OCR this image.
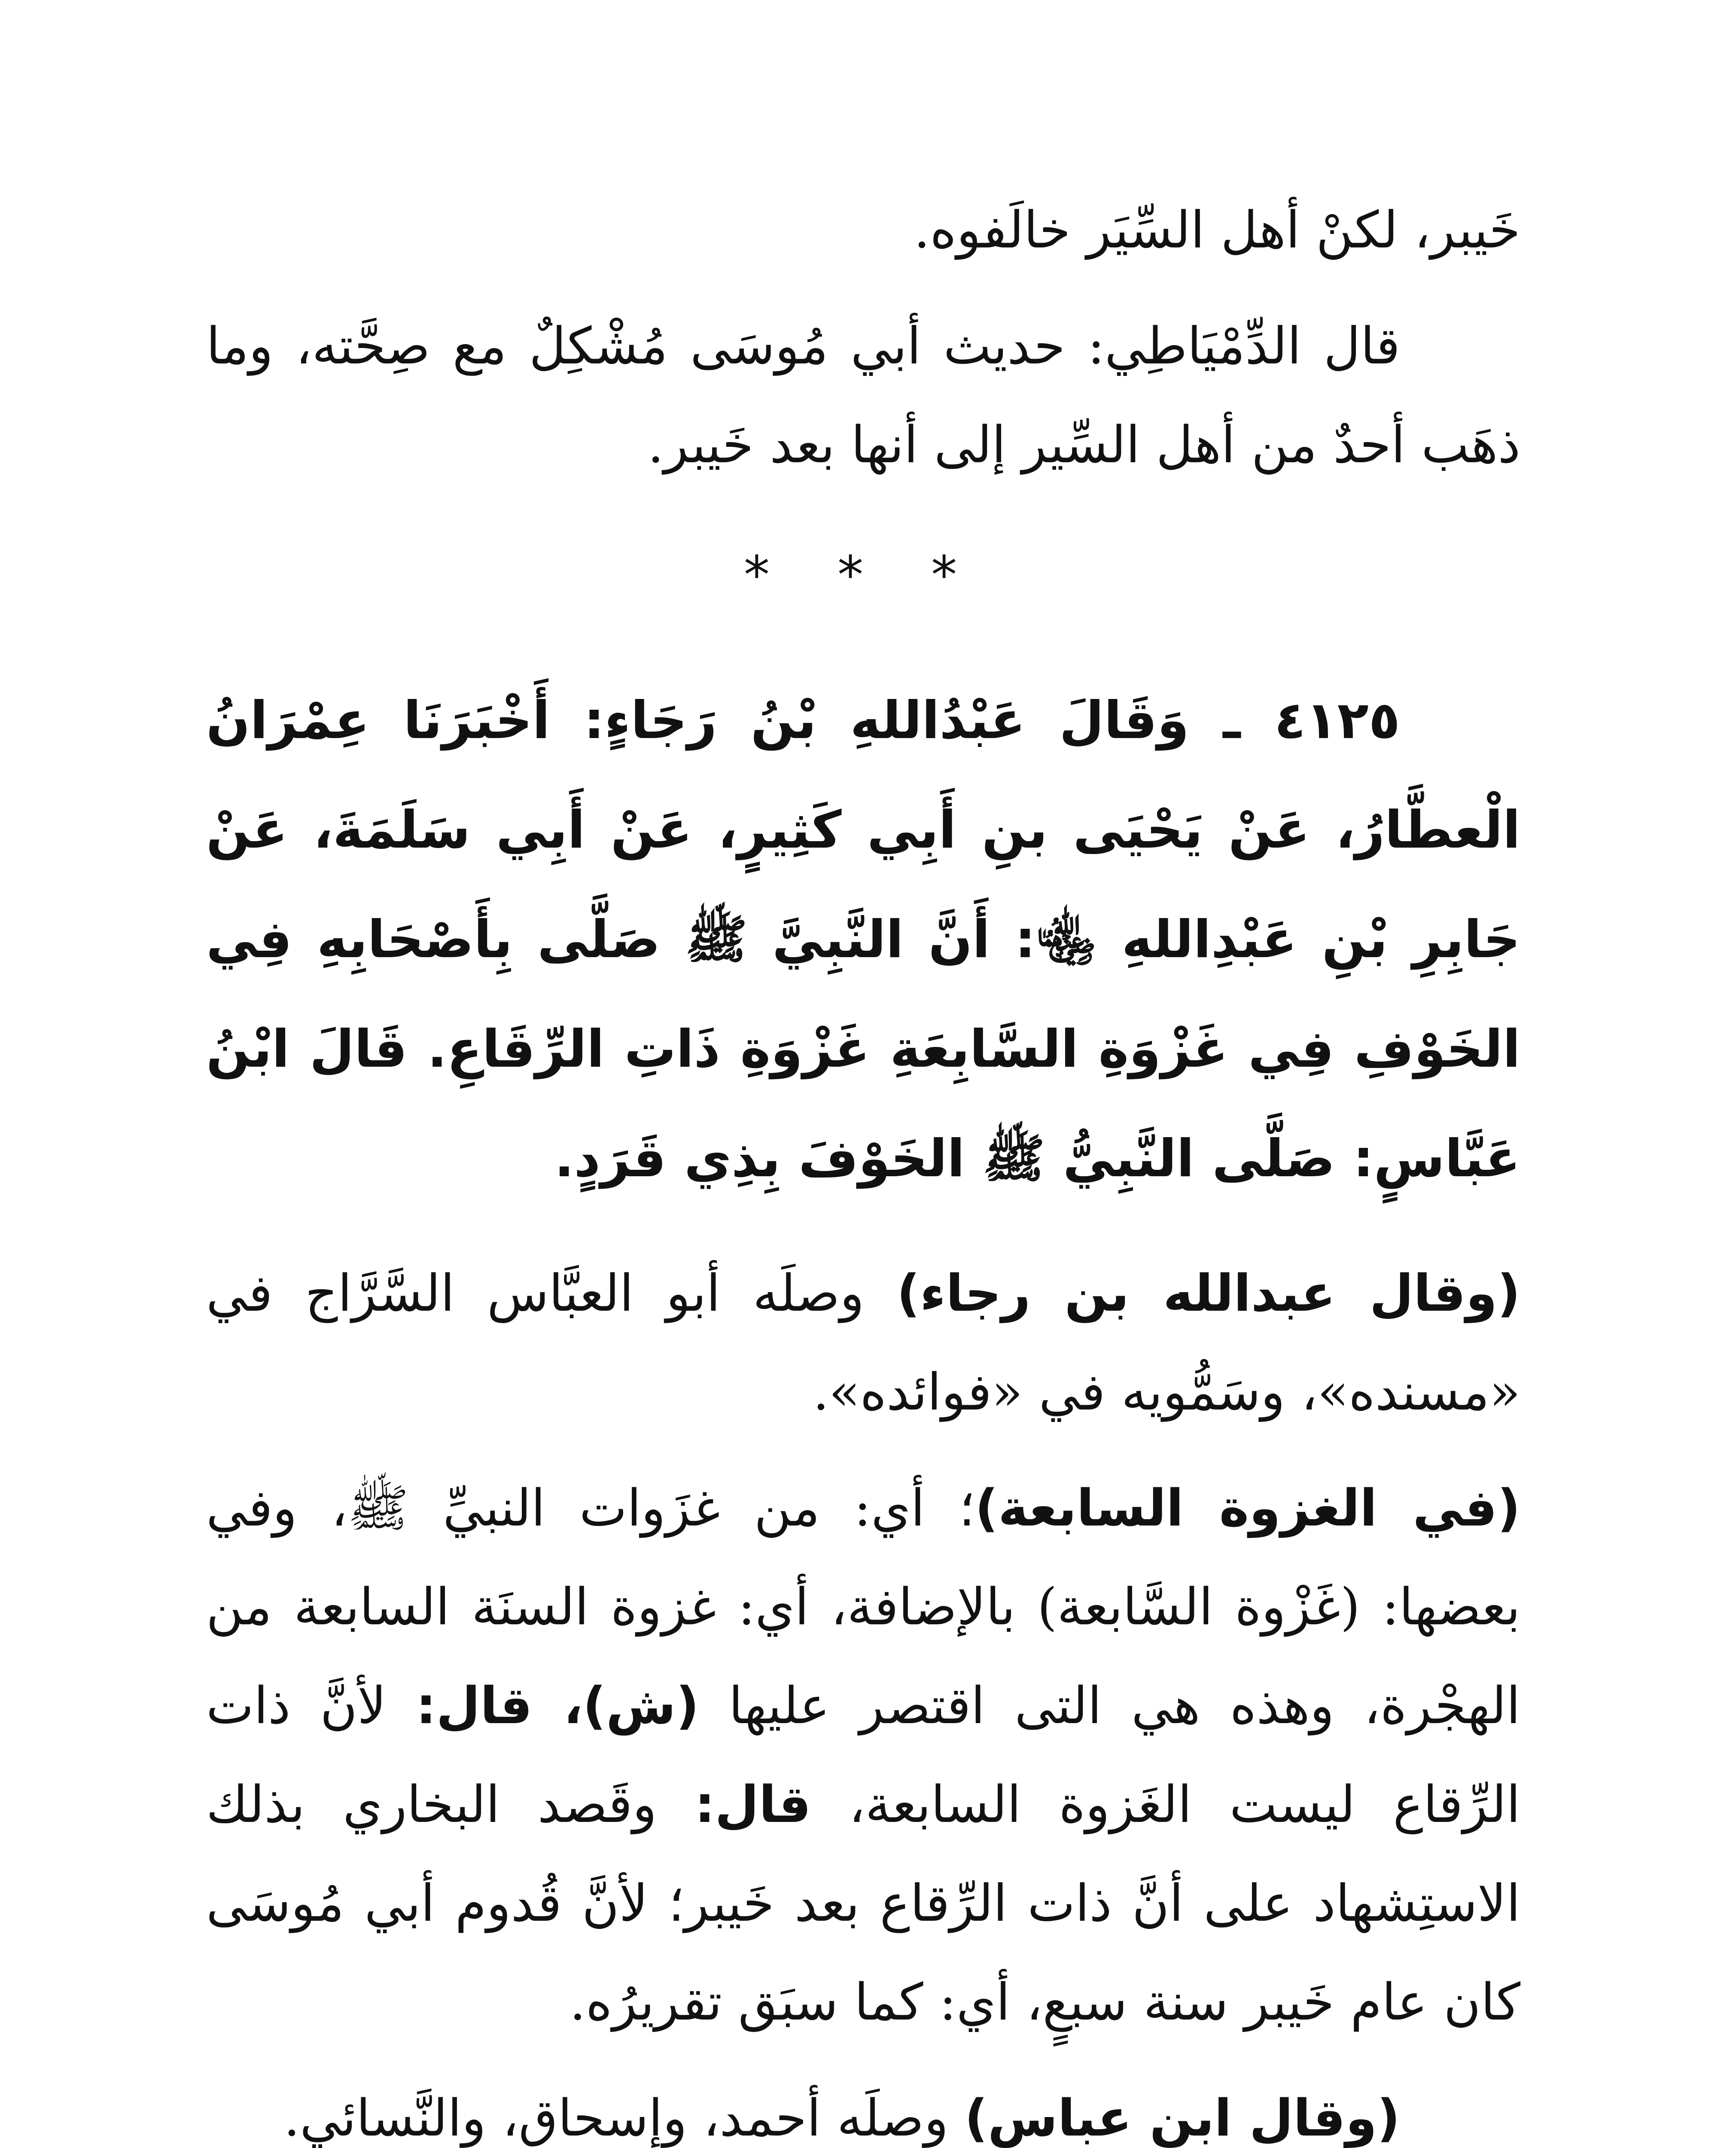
خَيبر، لكنْ أهل السِّيَر خالَفوه.

قال الدِّمْيَاطِي: حديث أبي مُوسَى مُشْكِلٌ مع صِحَّته، وما ذهَب أحدٌ من أهل السِّير إلى أنها بعد خَيبر.

* * *

٤١٢٥ ـ وَقَالَ عَبْدُاللهِ بْنُ رَجَاءٍ: أَخْبَرَنَا عِمْرَانُ الْعطَّارُ، عَنْ يَحْيَى بنِ أَبِي كَثِيرٍ، عَنْ أَبِي سَلَمَةَ، عَنْ جَابِرِ بْنِ عَبْدِاللهِ ﵄: أَنَّ النَّبِيَّ ﷺ صَلَّى بِأَصْحَابِهِ فِي الخَوْفِ فِي غَزْوَةِ السَّابِعَةِ غَزْوَةِ ذَاتِ الرِّقَاعِ. قَالَ ابْنُ عَبَّاسٍ: صَلَّى النَّبِيُّ ﷺ الخَوْفَ بِذِي قَرَدٍ.

(وقال عبدالله بن رجاء) وصلَه أبو العبَّاس السَّرَّاج في «مسنده»، وسَمُّويه في «فوائده».

(في الغزوة السابعة)؛ أي: من غزَوات النبيِّ ﷺ، وفي بعضها: (غَزْوة السَّابعة) بالإضافة، أي: غزوة السنَة السابعة من الهجْرة، وهذه هي التى اقتصر عليها (ش)، قال: لأنَّ ذات الرِّقاع ليست الغَزوة السابعة، قال: وقَصد البخاري بذلك الاستِشهاد على أنَّ ذات الرِّقاع بعد خَيبر؛ لأنَّ قُدوم أبي مُوسَى كان عام خَيبر سنة سبعٍ، أي: كما سبَق تقريرُه.

(وقال ابن عباس) وصلَه أحمد، وإسحاق، والنَّسائي.
